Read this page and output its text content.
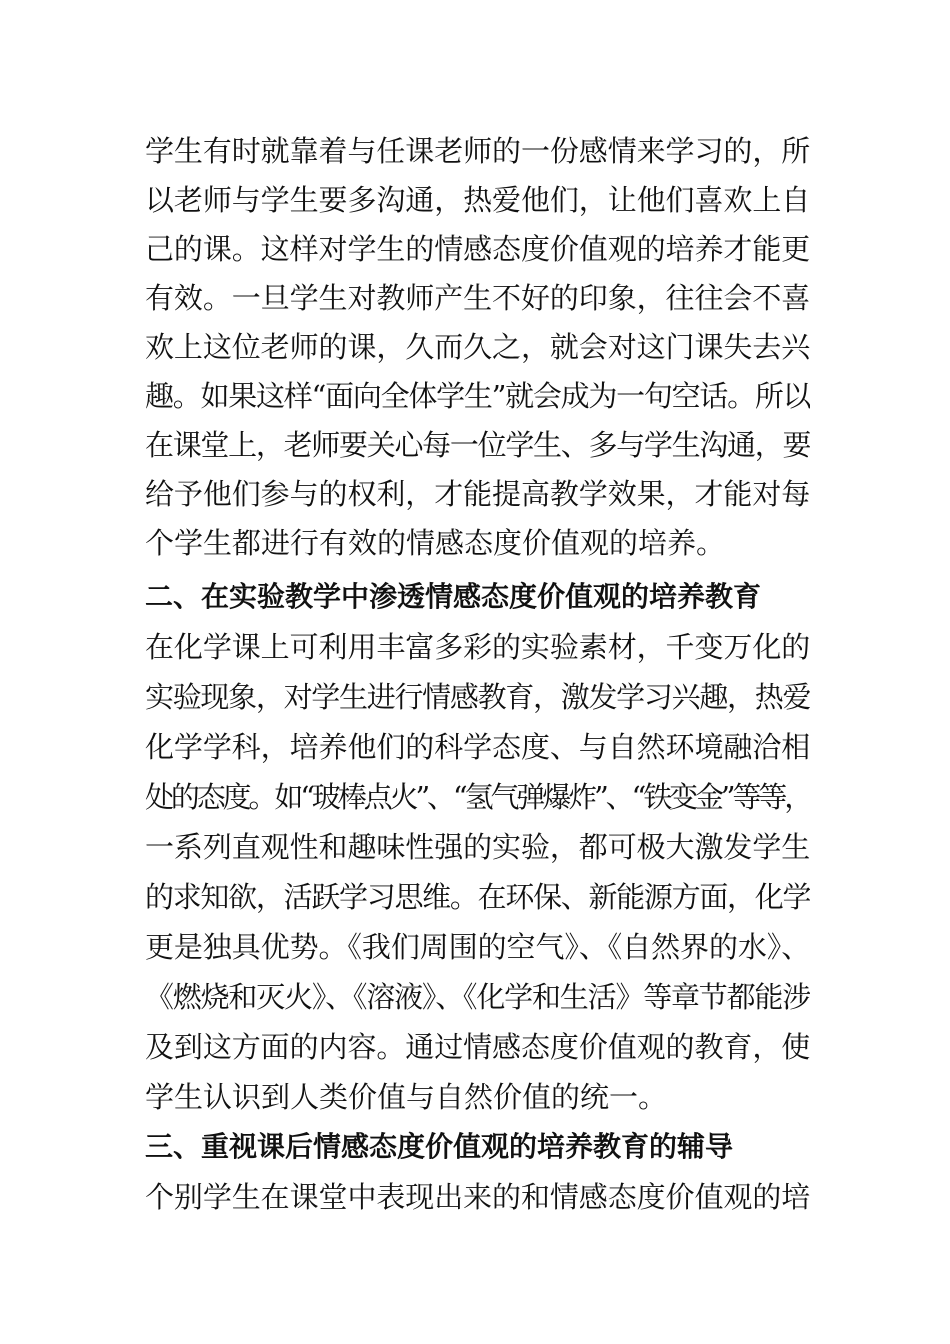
学生有时就靠着与任课老师的一份感情来学习的，所
以老师与学生要多沟通，热爱他们，让他们喜欢上自
己的课。这样对学生的情感态度价值观的培养才能更
有效。一旦学生对教师产生不好的印象，往往会不喜
欢上这位老师的课，久而久之，就会对这门课失去兴
趣。如果这样“面向全体学生”就会成为一句空话。所以
在课堂上，老师要关心每一位学生、多与学生沟通，要
给予他们参与的权利，才能提高教学效果，才能对每
个学生都进行有效的情感态度价值观的培养。
二、在实验教学中渗透情感态度价值观的培养教育
在化学课上可利用丰富多彩的实验素材，千变万化的
实验现象，对学生进行情感教育，激发学习兴趣，热爱
化学学科，培养他们的科学态度、与自然环境融洽相
处的态度。如“玻棒点火”、“氢气弹爆炸”、“铁变金”等等，
一系列直观性和趣味性强的实验，都可极大激发学生
的求知欲，活跃学习思维。在环保、新能源方面，化学
更是独具优势。《我们周围的空气》、《自然界的水》、
《燃烧和灭火》、《溶液》、《化学和生活》等章节都能涉
及到这方面的内容。通过情感态度价值观的教育，使
学生认识到人类价值与自然价值的统一。
三、重视课后情感态度价值观的培养教育的辅导
个别学生在课堂中表现出来的和情感态度价值观的培
